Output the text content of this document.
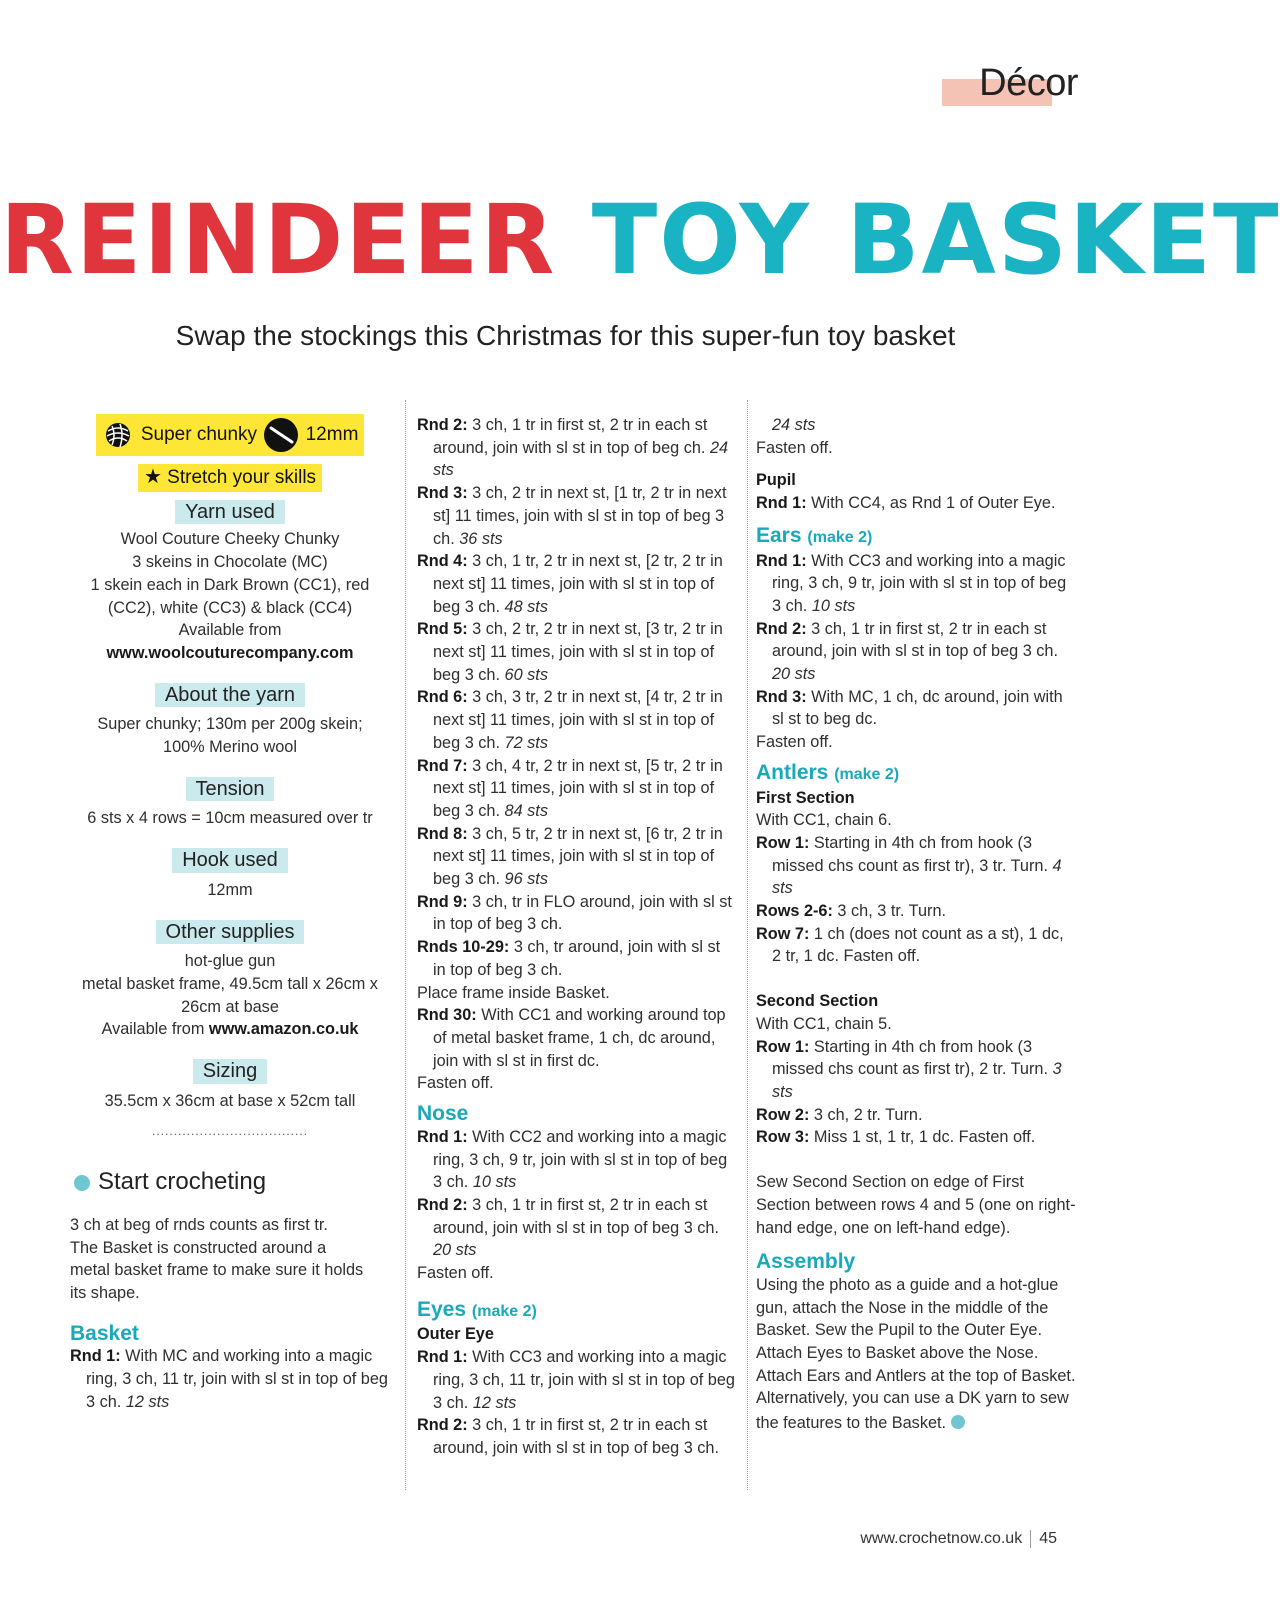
Décor
REINDEER TOY BASKET
Swap the stockings this Christmas for this super-fun toy basket
Super chunky	12mm
★ Stretch your skills
Yarn used
Wool Couture Cheeky Chunky
3 skeins in Chocolate (MC)
1 skein each in Dark Brown (CC1), red
(CC2), white (CC3) & black (CC4)
Available from
www.woolcouturecompany.com
About the yarn
Super chunky; 130m per 200g skein;
100% Merino wool
Tension
6 sts x 4 rows = 10cm measured over tr
Hook used
12mm
Other supplies
hot-glue gun
metal basket frame, 49.5cm tall x 26cm x
26cm at base
Available from www.amazon.co.uk
Sizing
35.5cm x 36cm at base x 52cm tall
....................................
Start crocheting
3 ch at beg of rnds counts as first tr.
The Basket is constructed around a
metal basket frame to make sure it holds
its shape.
Basket
Rnd 1: With MC and working into a magic ring, 3 ch, 11 tr, join with sl st in top of beg 3 ch. 12 sts
Rnd 2: 3 ch, 1 tr in first st, 2 tr in each st around, join with sl st in top of beg ch. 24 sts
Rnd 3: 3 ch, 2 tr in next st, [1 tr, 2 tr in next st] 11 times, join with sl st in top of beg 3 ch. 36 sts
Rnd 4: 3 ch, 1 tr, 2 tr in next st, [2 tr, 2 tr in next st] 11 times, join with sl st in top of beg 3 ch. 48 sts
Rnd 5: 3 ch, 2 tr, 2 tr in next st, [3 tr, 2 tr in next st] 11 times, join with sl st in top of beg 3 ch. 60 sts
Rnd 6: 3 ch, 3 tr, 2 tr in next st, [4 tr, 2 tr in next st] 11 times, join with sl st in top of beg 3 ch. 72 sts
Rnd 7: 3 ch, 4 tr, 2 tr in next st, [5 tr, 2 tr in next st] 11 times, join with sl st in top of beg 3 ch. 84 sts
Rnd 8: 3 ch, 5 tr, 2 tr in next st, [6 tr, 2 tr in next st] 11 times, join with sl st in top of beg 3 ch. 96 sts
Rnd 9: 3 ch, tr in FLO around, join with sl st in top of beg 3 ch.
Rnds 10-29: 3 ch, tr around, join with sl st in top of beg 3 ch.
Place frame inside Basket.
Rnd 30: With CC1 and working around top of metal basket frame, 1 ch, dc around, join with sl st in first dc.
Fasten off.
Nose
Rnd 1: With CC2 and working into a magic ring, 3 ch, 9 tr, join with sl st in top of beg 3 ch. 10 sts
Rnd 2: 3 ch, 1 tr in first st, 2 tr in each st around, join with sl st in top of beg 3 ch. 20 sts
Fasten off.
Eyes (make 2)
Outer Eye
Rnd 1: With CC3 and working into a magic ring, 3 ch, 11 tr, join with sl st in top of beg 3 ch. 12 sts
Rnd 2: 3 ch, 1 tr in first st, 2 tr in each st around, join with sl st in top of beg 3 ch.
24 sts
Fasten off.
Pupil
Rnd 1: With CC4, as Rnd 1 of Outer Eye.
Ears (make 2)
Rnd 1: With CC3 and working into a magic ring, 3 ch, 9 tr, join with sl st in top of beg 3 ch. 10 sts
Rnd 2: 3 ch, 1 tr in first st, 2 tr in each st around, join with sl st in top of beg 3 ch. 20 sts
Rnd 3: With MC, 1 ch, dc around, join with sl st to beg dc.
Fasten off.
Antlers (make 2)
First Section
With CC1, chain 6.
Row 1: Starting in 4th ch from hook (3 missed chs count as first tr), 3 tr. Turn. 4 sts
Rows 2-6: 3 ch, 3 tr. Turn.
Row 7: 1 ch (does not count as a st), 1 dc, 2 tr, 1 dc. Fasten off.
Second Section
With CC1, chain 5.
Row 1: Starting in 4th ch from hook (3 missed chs count as first tr), 2 tr. Turn. 3 sts
Row 2: 3 ch, 2 tr. Turn.
Row 3: Miss 1 st, 1 tr, 1 dc. Fasten off.
Sew Second Section on edge of First Section between rows 4 and 5 (one on right-hand edge, one on left-hand edge).
Assembly
Using the photo as a guide and a hot-glue gun, attach the Nose in the middle of the Basket. Sew the Pupil to the Outer Eye. Attach Eyes to Basket above the Nose. Attach Ears and Antlers at the top of Basket. Alternatively, you can use a DK yarn to sew the features to the Basket.
www.crochetnow.co.uk 45
